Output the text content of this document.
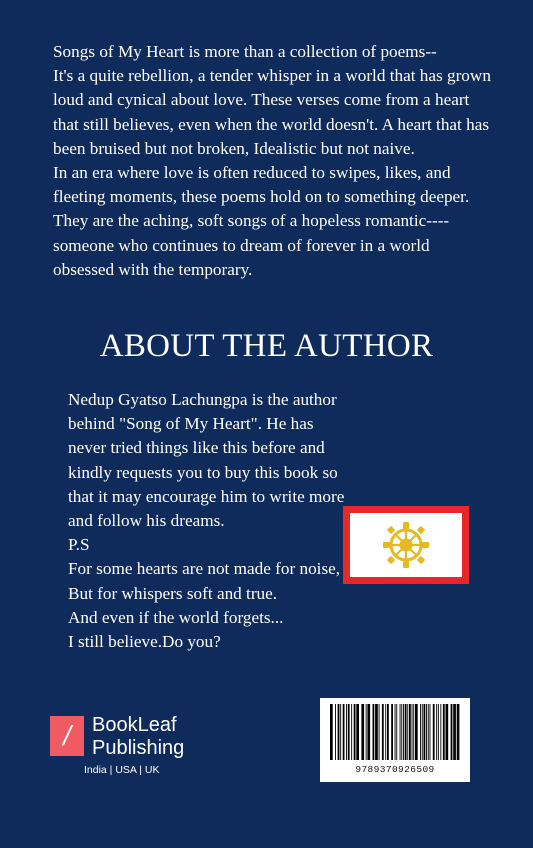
Songs of My Heart is more than a collection of poems--
It's a quite rebellion, a tender whisper in a world that has grown loud and cynical about love. These verses come from a heart that still believes, even when the world doesn't. A heart that has been bruised but not broken, Idealistic but not naive.

In an era where love is often reduced to swipes, likes, and fleeting moments, these poems hold on to something deeper. They are the aching, soft songs of a hopeless romantic----someone who continues to dream of forever in a world obsessed with the temporary.

ABOUT THE AUTHOR

Nedup Gyatso Lachungpa is the author behind "Song of My Heart". He has never tried things like this before and kindly requests you to buy this book so that it may encourage him to write more and follow his dreams.

P.S

For some hearts are not made for noise,

But for whispers soft and true.

And even if the world forgets...

I still believe.Do you?

/	BookLeaf
Publishing
India | USA | UK	9789370926509
